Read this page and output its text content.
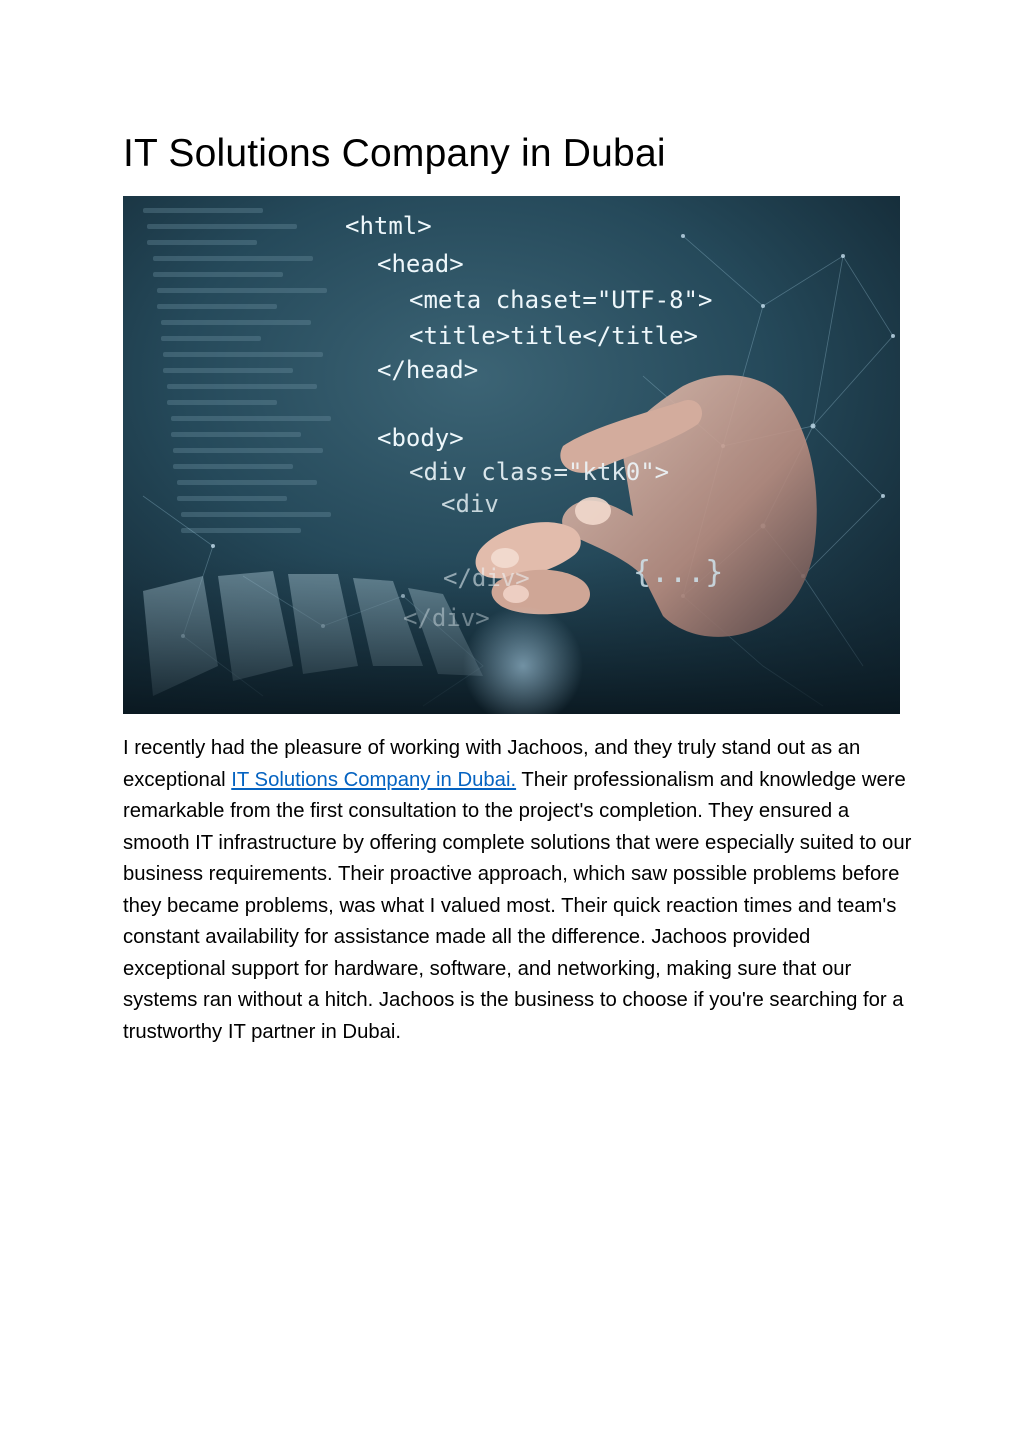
IT Solutions Company in Dubai
<html>
<head>
<meta chaset="UTF-8">
<title>title</title>
</head>
<body>
<div class="ktk0">
<div
</div>
</div>
{...}

I recently had the pleasure of working with Jachoos, and they truly stand out as an exceptional IT Solutions Company in Dubai. Their professionalism and knowledge were remarkable from the first consultation to the project's completion. They ensured a smooth IT infrastructure by offering complete solutions that were especially suited to our business requirements. Their proactive approach, which saw possible problems before they became problems, was what I valued most. Their quick reaction times and team's constant availability for assistance made all the difference. Jachoos provided exceptional support for hardware, software, and networking, making sure that our systems ran without a hitch. Jachoos is the business to choose if you're searching for a trustworthy IT partner in Dubai.
